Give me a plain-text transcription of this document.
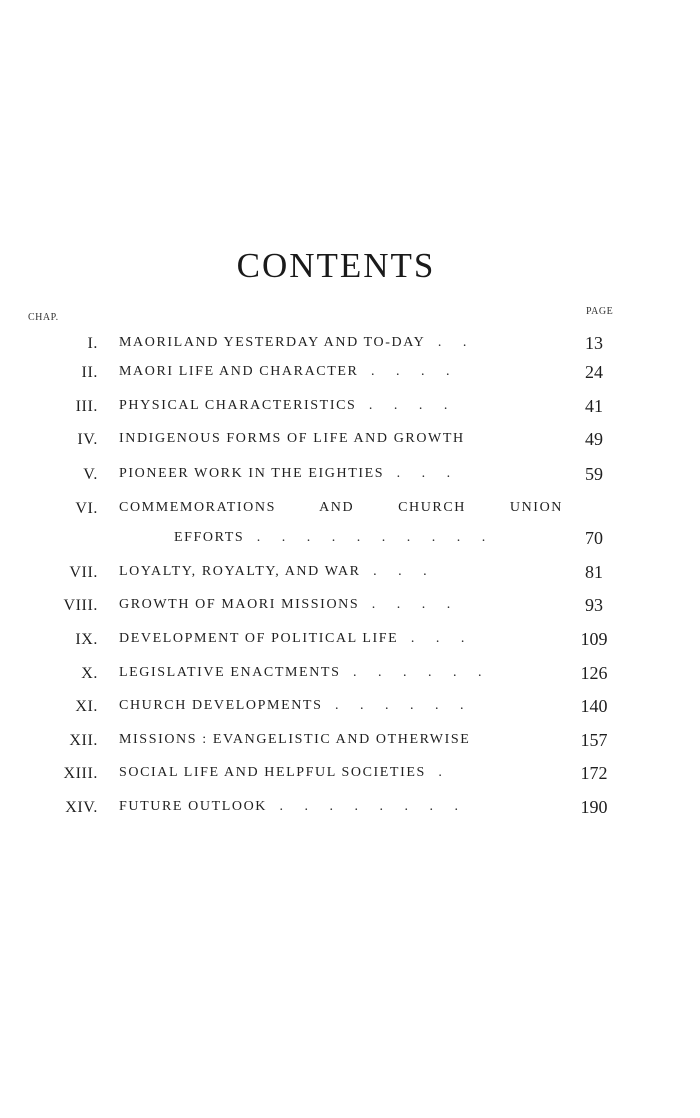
CONTENTS
CHAP.
PAGE
I. MAORILAND YESTERDAY AND TO-DAY . .	13
II. MAORI LIFE AND CHARACTER . . . .	24
III. PHYSICAL CHARACTERISTICS . . . .	41
IV. INDIGENOUS FORMS OF LIFE AND GROWTH	49
V. PIONEER WORK IN THE EIGHTIES . . .	59
VI. COMMEMORATIONS AND CHURCH UNION
EFFORTS . . . . . . . . . .	70
VII. LOYALTY, ROYALTY, AND WAR . . .	81
VIII. GROWTH OF MAORI MISSIONS . . . .	93
IX. DEVELOPMENT OF POLITICAL LIFE . . .	109
X. LEGISLATIVE ENACTMENTS . . . . . .	126
XI. CHURCH DEVELOPMENTS . . . . . .	140
XII. MISSIONS : EVANGELISTIC AND OTHERWISE	157
XIII. SOCIAL LIFE AND HELPFUL SOCIETIES .	172
XIV. FUTURE OUTLOOK . . . . . . . .	190
